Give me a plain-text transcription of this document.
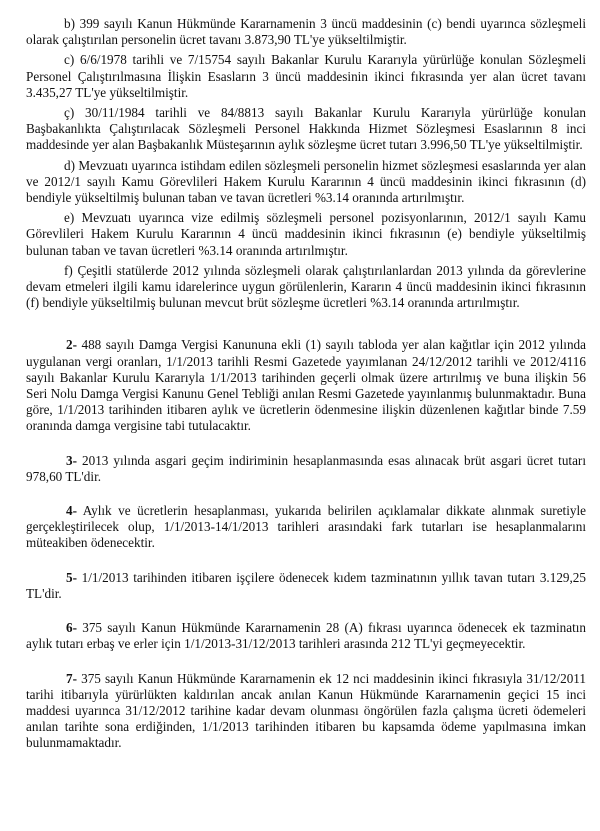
b) 399 sayılı Kanun Hükmünde Kararnamenin 3 üncü maddesinin (c) bendi uyarınca sözleşmeli olarak çalıştırılan personelin ücret tavanı 3.873,90 TL'ye yükseltilmiştir.

c) 6/6/1978 tarihli ve 7/15754 sayılı Bakanlar Kurulu Kararıyla yürürlüğe konulan Sözleşmeli Personel Çalıştırılmasına İlişkin Esasların 3 üncü maddesinin ikinci fıkrasında yer alan ücret tavanı 3.435,27 TL'ye yükseltilmiştir.

ç) 30/11/1984 tarihli ve 84/8813 sayılı Bakanlar Kurulu Kararıyla yürürlüğe konulan Başbakanlıkta Çalıştırılacak Sözleşmeli Personel Hakkında Hizmet Sözleşmesi Esaslarının 8 inci maddesinde yer alan Başbakanlık Müsteşarının aylık sözleşme ücret tutarı 3.996,50 TL'ye yükseltilmiştir.

d) Mevzuatı uyarınca istihdam edilen sözleşmeli personelin hizmet sözleşmesi esaslarında yer alan ve 2012/1 sayılı Kamu Görevlileri Hakem Kurulu Kararının 4 üncü maddesinin ikinci fıkrasının (d) bendiyle yükseltilmiş bulunan taban ve tavan ücretleri %3.14 oranında artırılmıştır.

e) Mevzuatı uyarınca vize edilmiş sözleşmeli personel pozisyonlarının, 2012/1 sayılı Kamu Görevlileri Hakem Kurulu Kararının 4 üncü maddesinin ikinci fıkrasının (e) bendiyle yükseltilmiş bulunan taban ve tavan ücretleri %3.14 oranında artırılmıştır.

f) Çeşitli statülerde 2012 yılında sözleşmeli olarak çalıştırılanlardan 2013 yılında da görevlerine devam etmeleri ilgili kamu idarelerince uygun görülenlerin, Kararın 4 üncü maddesinin ikinci fıkrasının (f) bendiyle yükseltilmiş bulunan mevcut brüt sözleşme ücretleri %3.14 oranında artırılmıştır.

2- 488 sayılı Damga Vergisi Kanununa ekli (1) sayılı tabloda yer alan kağıtlar için 2012 yılında uygulanan vergi oranları, 1/1/2013 tarihli Resmi Gazetede yayımlanan 24/12/2012 tarihli ve 2012/4116 sayılı Bakanlar Kurulu Kararıyla 1/1/2013 tarihinden geçerli olmak üzere artırılmış ve buna ilişkin 56 Seri Nolu Damga Vergisi Kanunu Genel Tebliği anılan Resmi Gazetede yayınlanmış bulunmaktadır. Buna göre, 1/1/2013 tarihinden itibaren aylık ve ücretlerin ödenmesine ilişkin düzenlenen kağıtlar binde 7.59 oranında damga vergisine tabi tutulacaktır.

3- 2013 yılında asgari geçim indiriminin hesaplanmasında esas alınacak brüt asgari ücret tutarı 978,60 TL'dir.

4- Aylık ve ücretlerin hesaplanması, yukarıda belirilen açıklamalar dikkate alınmak suretiyle gerçekleştirilecek olup, 1/1/2013-14/1/2013 tarihleri arasındaki fark tutarları ise hesaplanmalarını müteakiben ödenecektir.

5- 1/1/2013 tarihinden itibaren işçilere ödenecek kıdem tazminatının yıllık tavan tutarı 3.129,25 TL'dir.

6- 375 sayılı Kanun Hükmünde Kararnamenin 28 (A) fıkrası uyarınca ödenecek ek tazminatın aylık tutarı erbaş ve erler için 1/1/2013-31/12/2013 tarihleri arasında 212 TL'yi geçmeyecektir.

7- 375 sayılı Kanun Hükmünde Kararnamenin ek 12 nci maddesinin ikinci fıkrasıyla 31/12/2011 tarihi itibarıyla yürürlükten kaldırılan ancak anılan Kanun Hükmünde Kararnamenin geçici 15 inci maddesi uyarınca 31/12/2012 tarihine kadar devam olunması öngörülen fazla çalışma ücreti ödemeleri anılan tarihte sona erdiğinden, 1/1/2013 tarihinden itibaren bu kapsamda ödeme yapılmasına imkan bulunmamaktadır.
